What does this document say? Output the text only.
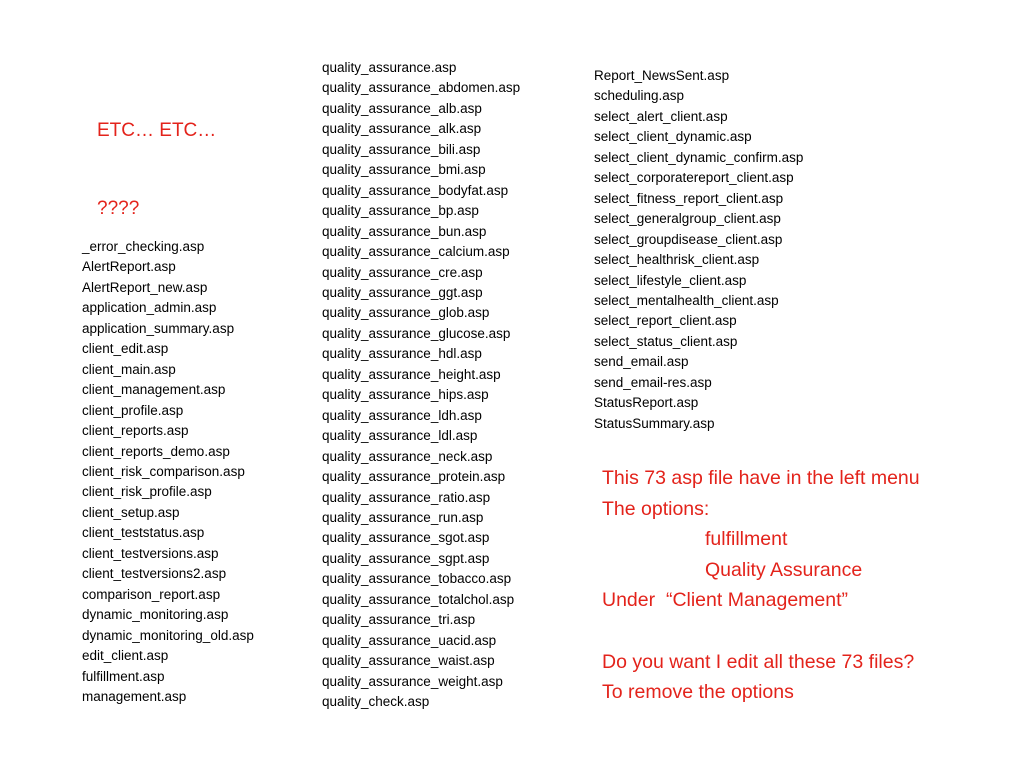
ETC… ETC…

????

_error_checking.asp
AlertReport.asp
AlertReport_new.asp
application_admin.asp
application_summary.asp
client_edit.asp
client_main.asp
client_management.asp
client_profile.asp
client_reports.asp
client_reports_demo.asp
client_risk_comparison.asp
client_risk_profile.asp
client_setup.asp
client_teststatus.asp
client_testversions.asp
client_testversions2.asp
comparison_report.asp
dynamic_monitoring.asp
dynamic_monitoring_old.asp
edit_client.asp
fulfillment.asp
management.asp
quality_assurance.asp
quality_assurance_abdomen.asp
quality_assurance_alb.asp
quality_assurance_alk.asp
quality_assurance_bili.asp
quality_assurance_bmi.asp
quality_assurance_bodyfat.asp
quality_assurance_bp.asp
quality_assurance_bun.asp
quality_assurance_calcium.asp
quality_assurance_cre.asp
quality_assurance_ggt.asp
quality_assurance_glob.asp
quality_assurance_glucose.asp
quality_assurance_hdl.asp
quality_assurance_height.asp
quality_assurance_hips.asp
quality_assurance_ldh.asp
quality_assurance_ldl.asp
quality_assurance_neck.asp
quality_assurance_protein.asp
quality_assurance_ratio.asp
quality_assurance_run.asp
quality_assurance_sgot.asp
quality_assurance_sgpt.asp
quality_assurance_tobacco.asp
quality_assurance_totalchol.asp
quality_assurance_tri.asp
quality_assurance_uacid.asp
quality_assurance_waist.asp
quality_assurance_weight.asp
quality_check.asp
Report_NewsSent.asp
scheduling.asp
select_alert_client.asp
select_client_dynamic.asp
select_client_dynamic_confirm.asp
select_corporatereport_client.asp
select_fitness_report_client.asp
select_generalgroup_client.asp
select_groupdisease_client.asp
select_healthrisk_client.asp
select_lifestyle_client.asp
select_mentalhealth_client.asp
select_report_client.asp
select_status_client.asp
send_email.asp
send_email-res.asp
StatusReport.asp
StatusSummary.asp
This 73 asp file have in the left menu
The options:
fulfillment
Quality Assurance
Under  “Client Management”
Do you want I edit all these 73 files?
To remove the options
